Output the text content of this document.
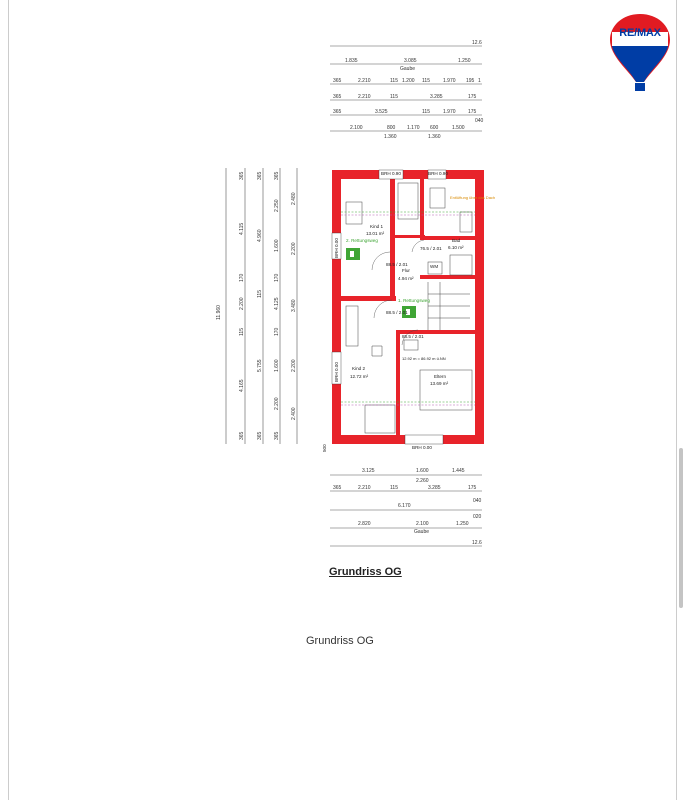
RE/MAX
12.6
1.835	3.085	1.250
Gaube
365	2.210	115 1.200 115	1.970 195 1
365	2.210	115	3.285	175
365	3.525	115	1.970 175
2.100	800 1.170 600	1.500
040
1.360	1.360
11.960
365
4.115
170
2.200
115
4.165
365
365
4.960
115
5.755
365
365
2.250
1.600
170
4.125
170
1.600
2.200
365
2.480
2.200
3.480
2.200
2.400
Kind 1
13.01 m²
Flur
4.94 m²
Bad
6.10 m²
Kind 2
12.72 m²	Eltern
13.69 m²
BRH 0.90	BRH 0.90
BRH 0.00
BRH 0.00
BRH 0.00
2. Rettungsweg
1. Rettungsweg
Entlüftung über das Dach
WM
88.5 / 2.01
76.5 / 2.01
88.5 / 2.01
88.5 / 2.01
12.92 m = 86.92 m ü.NN
500
3.125	1.600	1.445
2.260
365	2.210	115	3.285	175
6.170
040
2.820	2.100	1.250
020
Gaube
12.6
Grundriss OG
Grundriss OG
